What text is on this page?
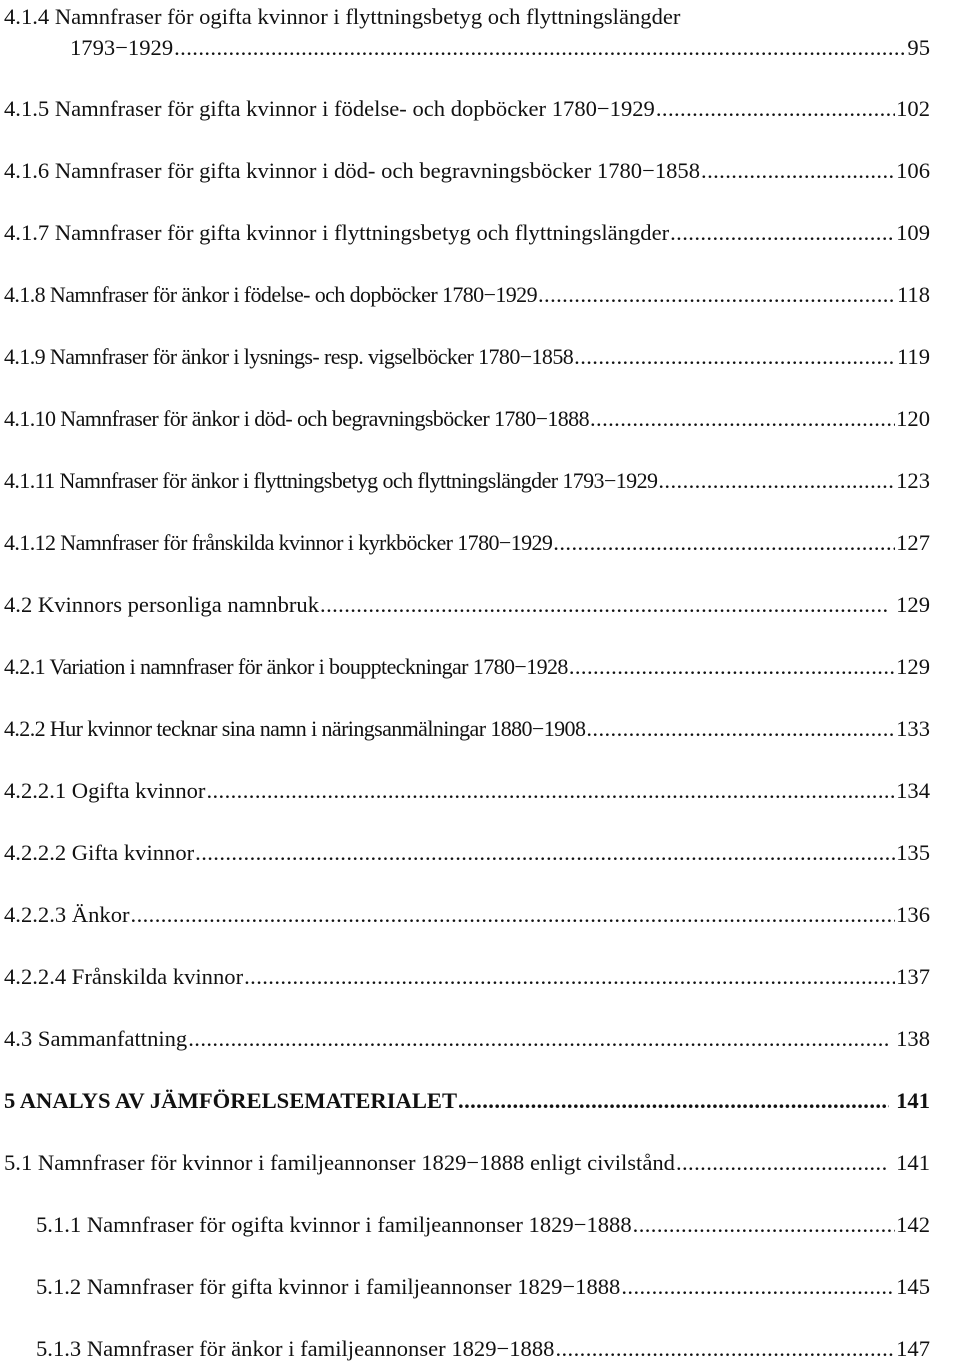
4.1.4 Namnfraser för ogifta kvinnor i flyttningsbetyg och flyttningslängder
1793−1929 .....	95
4.1.5 Namnfraser för gifta kvinnor i födelse- och dopböcker 1780−1929 .....	102
4.1.6 Namnfraser för gifta kvinnor i död- och begravningsböcker 1780−1858 .....	106
4.1.7 Namnfraser för gifta kvinnor i flyttningsbetyg och flyttningslängder .....	109
4.1.8 Namnfraser för änkor i födelse- och dopböcker 1780−1929 .....	118
4.1.9 Namnfraser för änkor i lysnings- resp. vigselböcker 1780−1858 .....	119
4.1.10 Namnfraser för änkor i död- och begravningsböcker 1780−1888 .....	120
4.1.11 Namnfraser för änkor i flyttningsbetyg och flyttningslängder 1793−1929 .....	123
4.1.12 Namnfraser för frånskilda kvinnor i kyrkböcker 1780−1929 .....	127
4.2 Kvinnors personliga namnbruk .....	129
4.2.1 Variation i namnfraser för änkor i bouppteckningar 1780−1928 .....	129
4.2.2 Hur kvinnor tecknar sina namn i näringsanmälningar 1880−1908 .....	133
4.2.2.1 Ogifta kvinnor .....	134
4.2.2.2 Gifta kvinnor .....	135
4.2.2.3 Änkor .....	136
4.2.2.4 Frånskilda kvinnor .....	137
4.3 Sammanfattning .....	138
5 ANALYS AV JÄMFÖRELSEMATERIALET .....	141
5.1 Namnfraser för kvinnor i familjeannonser 1829−1888 enligt civilstånd .....	141
5.1.1 Namnfraser för ogifta kvinnor i familjeannonser 1829−1888 .....	142
5.1.2 Namnfraser för gifta kvinnor i familjeannonser 1829−1888 .....	145
5.1.3 Namnfraser för änkor i familjeannonser 1829−1888 .....	147
